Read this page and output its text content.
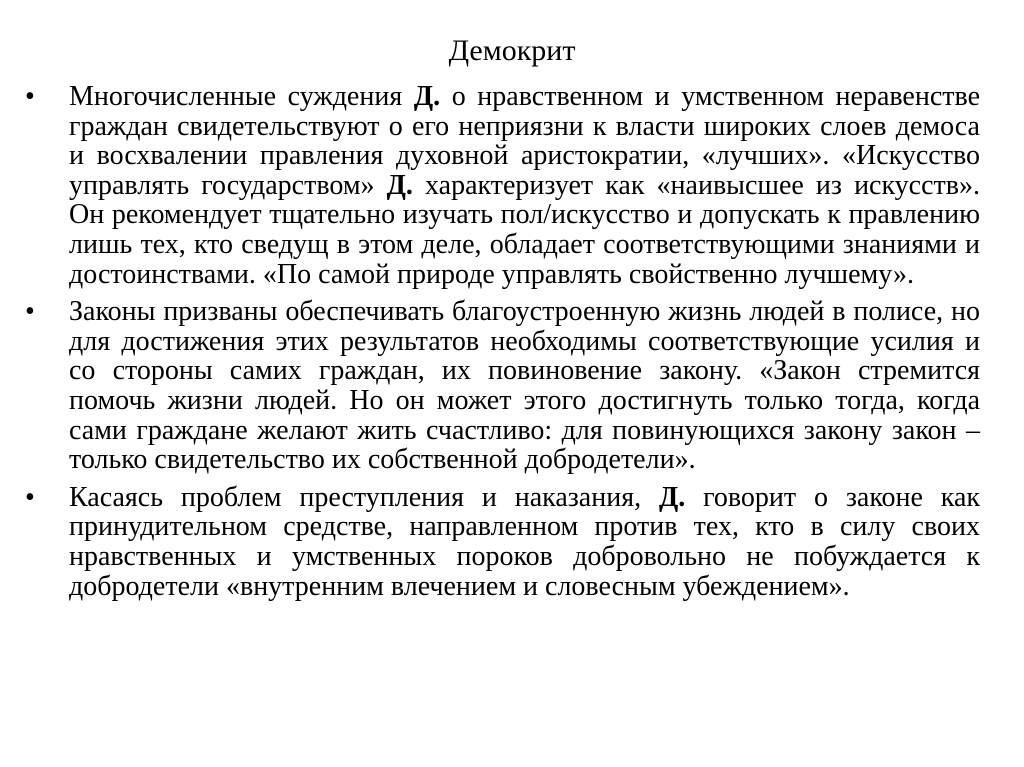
Демокрит
• Многочисленные суждения Д. о нравственном и умственном неравенстве граждан свидетельствуют о его неприязни к власти широких слоев демоса и восхвалении правления духовной аристократии, «лучших». «Искусство управлять государством» Д. характеризует как «наивысшее из искусств». Он рекомендует тщательно изучать пол/искусство и допускать к правлению лишь тех, кто сведущ в этом деле, обладает соответствующими знаниями и достоинствами. «По самой природе управлять свойственно лучшему».
• Законы призваны обеспечивать благоустроенную жизнь людей в полисе, но для достижения этих результатов необходимы соответствующие усилия и со стороны самих граждан, их повиновение закону. «Закон стремится помочь жизни людей. Но он может этого достигнуть только тогда, когда сами граждане желают жить счастливо: для повинующихся закону закон – только свидетельство их собственной добродетели».
• Касаясь проблем преступления и наказания, Д. говорит о законе как принудительном средстве, направленном против тех, кто в силу своих нравственных и умственных пороков добровольно не побуждается к добродетели «внутренним влечением и словесным убеждением».
